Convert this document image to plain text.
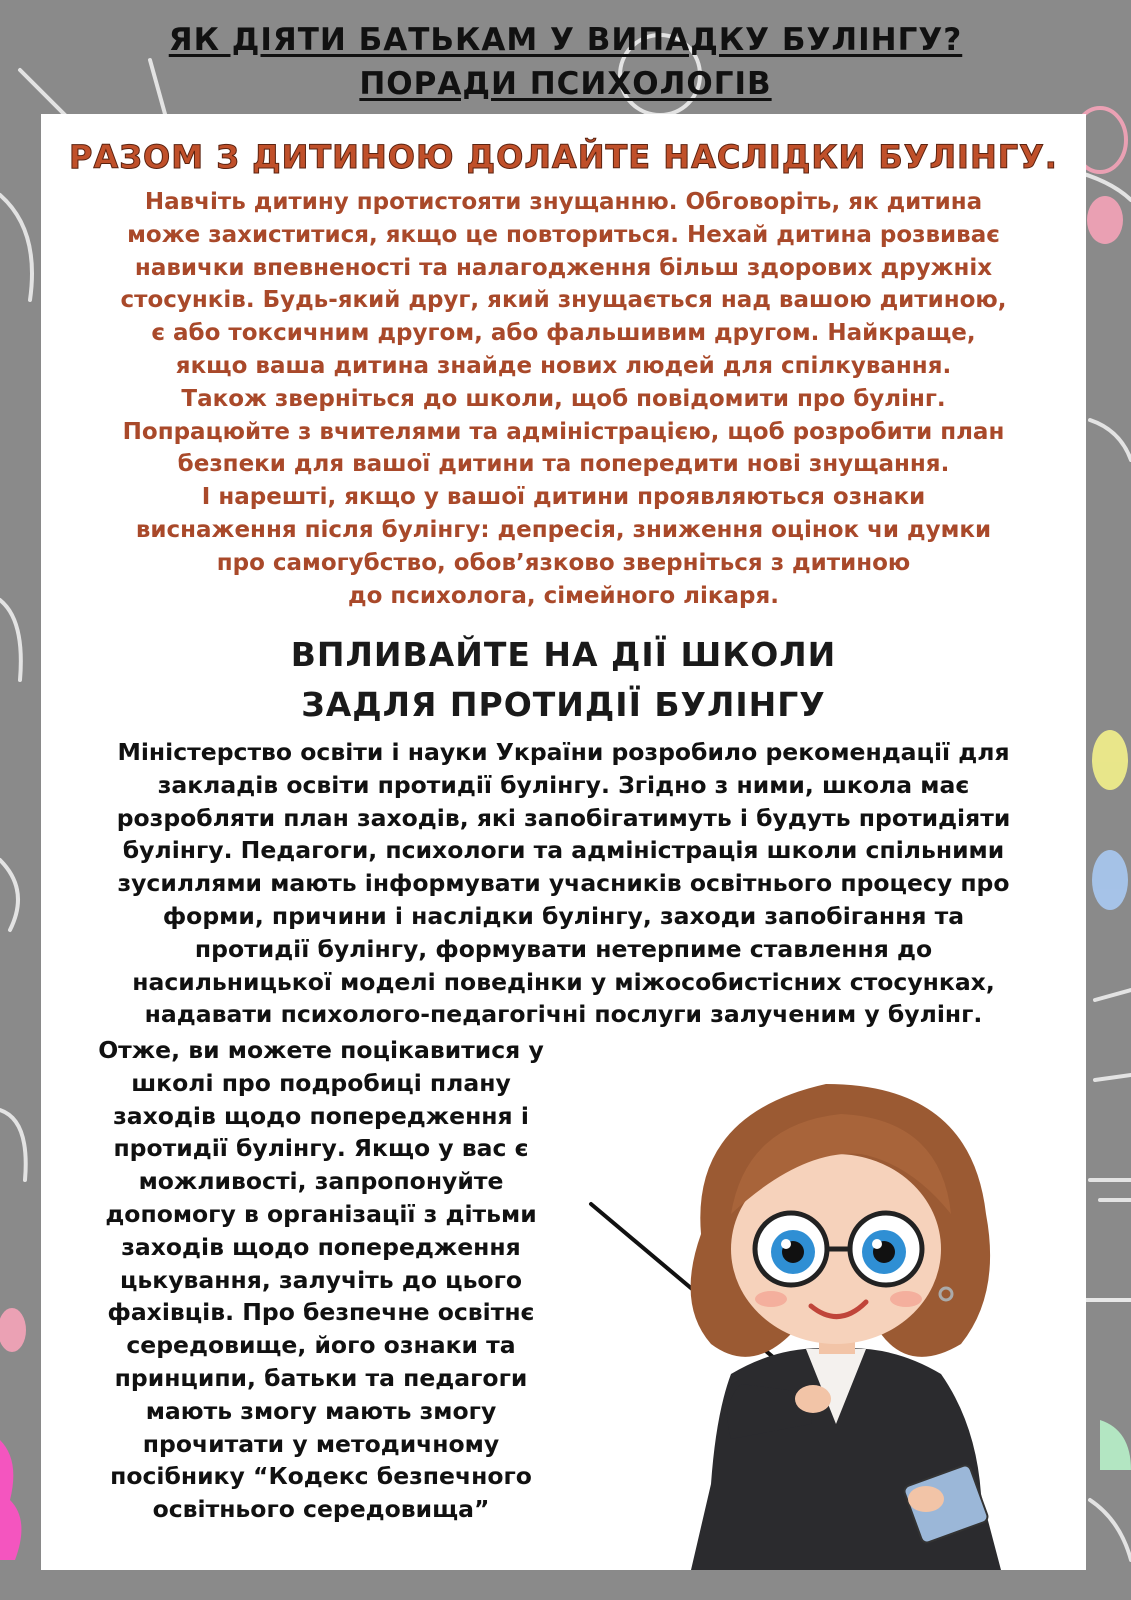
ЯК ДІЯТИ БАТЬКАМ У ВИПАДКУ БУЛІНГУ?
ПОРАДИ ПСИХОЛОГІВ
РАЗОМ З ДИТИНОЮ ДОЛАЙТЕ НАСЛІДКИ БУЛІНГУ.

Навчіть дитину протистояти знущанню. Обговоріть, як дитина
може захиститися, якщо це повториться. Нехай дитина розвиває
навички впевненості та налагодження більш здорових дружніх
стосунків. Будь-який друг, який знущається над вашою дитиною,
є або токсичним другом, або фальшивим другом. Найкраще,
якщо ваша дитина знайде нових людей для спілкування.
Також зверніться до школи, щоб повідомити про булінг.
Попрацюйте з вчителями та адміністрацією, щоб розробити план
безпеки для вашої дитини та попередити нові знущання.
І нарешті, якщо у вашої дитини проявляються ознаки
виснаження після булінгу: депресія, зниження оцінок чи думки
про самогубство, обов’язково зверніться з дитиною
до психолога, сімейного лікаря.

ВПЛИВАЙТЕ НА ДІЇ ШКОЛИ
ЗАДЛЯ ПРОТИДІЇ БУЛІНГУ

Міністерство освіти і науки України розробило рекомендації для
закладів освіти протидії булінгу. Згідно з ними, школа має
розробляти план заходів, які запобігатимуть і будуть протидіяти
булінгу. Педагоги, психологи та адміністрація школи спільними
зусиллями мають інформувати учасників освітнього процесу про
форми, причини і наслідки булінгу, заходи запобігання та
протидії булінгу, формувати нетерпиме ставлення до
насильницької моделі поведінки у міжособистісних стосунках,
надавати психолого-педагогічні послуги залученим у булінг.

Отже, ви можете поцікавитися у
школі про подробиці плану
заходів щодо попередження і
протидії булінгу. Якщо у вас є
можливості, запропонуйте
допомогу в організації з дітьми
заходів щодо попередження
цькування, залучіть до цього
фахівців. Про безпечне освітнє
середовище, його ознаки та
принципи, батьки та педагоги
мають змогу мають змогу
прочитати у методичному
посібнику “Кодекс безпечного
освітнього середовища”
